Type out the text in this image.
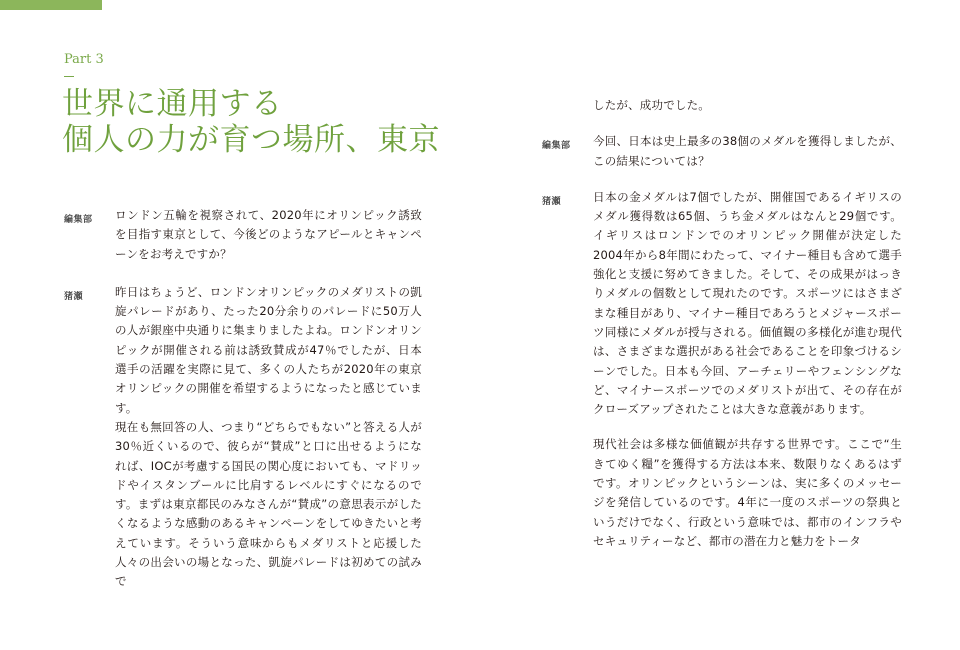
Part 3
世界に通用する
個人の力が育つ場所、東京
編集部	ロンドン五輪を視察されて、2020年にオリンピック誘致を目指す東京として、今後どのようなアピールとキャンペーンをお考えですか？

猪瀬	昨日はちょうど、ロンドンオリンピックのメダリストの凱旋パレードがあり、たった20分余りのパレードに50万人の人が銀座中央通りに集まりましたよね。ロンドンオリンピックが開催される前は誘致賛成が47％でしたが、日本選手の活躍を実際に見て、多くの人たちが2020年の東京オリンピックの開催を希望するようになったと感じています。

現在も無回答の人、つまり“どちらでもない”と答える人が30％近くいるので、彼らが“賛成”と口に出せるようになれば、IOCが考慮する国民の関心度においても、マドリッドやイスタンブールに比肩するレベルにすぐになるのです。まずは東京都民のみなさんが“賛成”の意思表示がしたくなるような感動のあるキャンペーンをしてゆきたいと考えています。そういう意味からもメダリストと応援した人々の出会いの場となった、凱旋パレードは初めての試みで

したが、成功でした。

編集部	今回、日本は史上最多の38個のメダルを獲得しましたが、この結果については？

猪瀬	日本の金メダルは7個でしたが、開催国であるイギリスのメダル獲得数は65個、うち金メダルはなんと29個です。イギリスはロンドンでのオリンピック開催が決定した2004年から8年間にわたって、マイナー種目も含めて選手強化と支援に努めてきました。そして、その成果がはっきりメダルの個数として現れたのです。スポーツにはさまざまな種目があり、マイナー種目であろうとメジャースポーツ同様にメダルが授与される。価値観の多様化が進む現代は、さまざまな選択がある社会であることを印象づけるシーンでした。日本も今回、アーチェリーやフェンシングなど、マイナースポーツでのメダリストが出て、その存在がクローズアップされたことは大きな意義があります。

現代社会は多様な価値観が共存する世界です。ここで“生きてゆく糧”を獲得する方法は本来、数限りなくあるはずです。オリンピックというシーンは、実に多くのメッセージを発信しているのです。4年に一度のスポーツの祭典というだけでなく、行政という意味では、都市のインフラやセキュリティーなど、都市の潜在力と魅力をトータ
